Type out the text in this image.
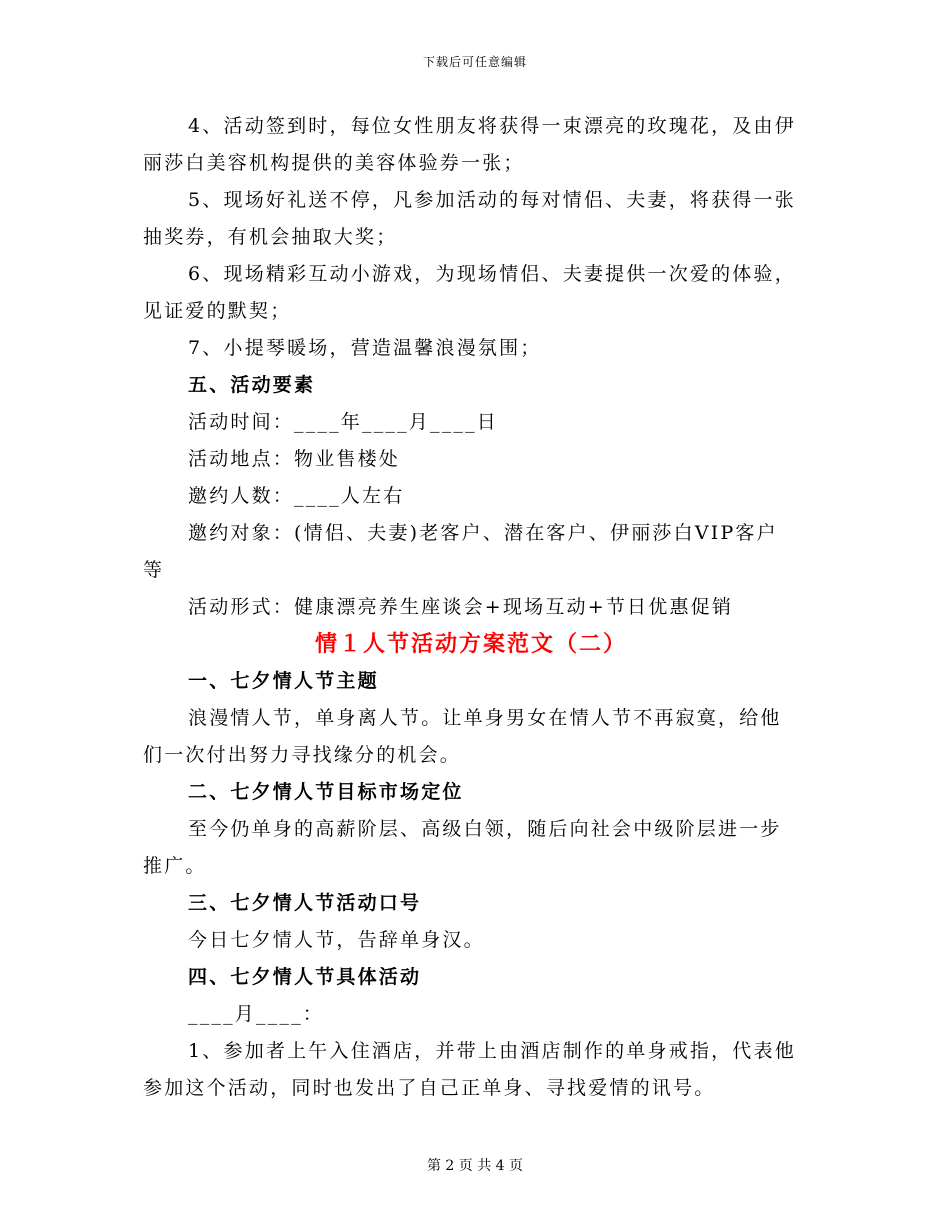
下载后可任意编辑
4、活动签到时，每位女性朋友将获得一束漂亮的玫瑰花，及由伊
丽莎白美容机构提供的美容体验券一张；
5、现场好礼送不停，凡参加活动的每对情侣、夫妻，将获得一张
抽奖券，有机会抽取大奖；
6、现场精彩互动小游戏，为现场情侣、夫妻提供一次爱的体验，
见证爱的默契；
7、小提琴暖场，营造温馨浪漫氛围；
五、活动要素
活动时间：____年____月____日
活动地点：物业售楼处
邀约人数：____人左右
邀约对象：(情侣、夫妻)老客户、潜在客户、伊丽莎白VIP客户
等
活动形式：健康漂亮养生座谈会+现场互动+节日优惠促销
情１人节活动方案范文（二）
一、七夕情人节主题
浪漫情人节，单身离人节。让单身男女在情人节不再寂寞，给他
们一次付出努力寻找缘分的机会。
二、七夕情人节目标市场定位
至今仍单身的高薪阶层、高级白领，随后向社会中级阶层进一步
推广。
三、七夕情人节活动口号
今日七夕情人节，告辞单身汉。
四、七夕情人节具体活动
____月____：
1、参加者上午入住酒店，并带上由酒店制作的单身戒指，代表他
参加这个活动，同时也发出了自己正单身、寻找爱情的讯号。
第 2 页 共 4 页
